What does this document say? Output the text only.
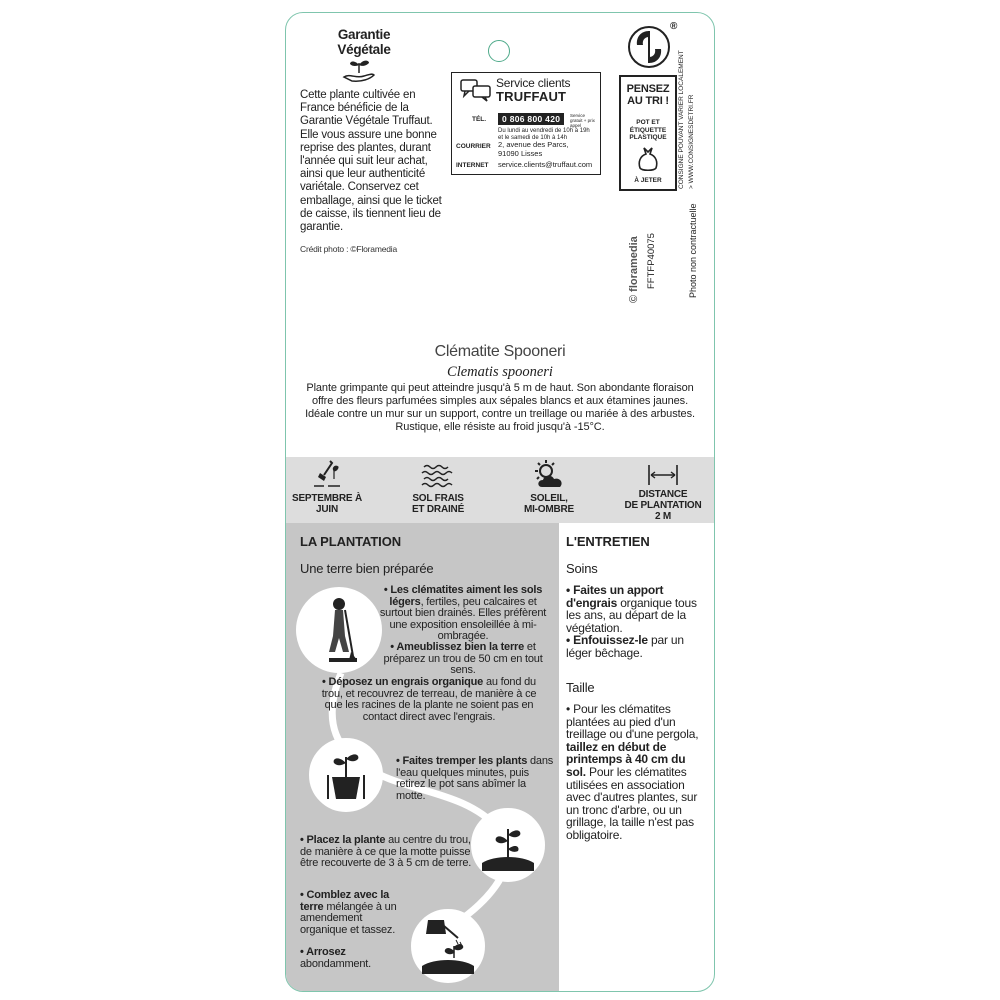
Garantie
Végétale
Cette plante cultivée en France bénéficie de la Garantie Végétale Truffaut. Elle vous assure une bonne reprise des plantes, durant l'année qui suit leur achat, ainsi que leur authenticité variétale. Conservez cet emballage, ainsi que le ticket de caisse, ils tiennent lieu de garantie.
Crédit photo : ©Floramedia
Service clients
TRUFFAUT
TÉL.	0 806 800 420	Service gratuit + prix appel
Du lundi au vendredi de 10h à 19h
et le samedi de 10h à 14h
COURRIER 2, avenue des Parcs,
91090 Lisses
INTERNET service.clients@truffaut.com
®
PENSEZ
AU TRI !
POT ET
ÉTIQUETTE
PLASTIQUE
À JETER	CONSIGNE POUVANT VARIER LOCALEMENT > WWW.CONSIGNESDETRI.FR
© floramedia FFTFP40075	Photo non contractuelle
Clématite Spooneri
Clematis spooneri
Plante grimpante qui peut atteindre jusqu'à 5 m de haut. Son abondante floraison offre des fleurs parfumées simples aux sépales blancs et aux étamines jaunes. Idéale contre un mur sur un support, contre un treillage ou mariée à des arbustes. Rustique, elle résiste au froid jusqu'à -15°C.
SEPTEMBRE À
JUIN
SOL FRAIS
ET DRAINÉ
SOLEIL,
MI-OMBRE
DISTANCE
DE PLANTATION
2 M
LA PLANTATION
Une terre bien préparée
• Les clématites aiment les sols légers, fertiles, peu calcaires et surtout bien drainés. Elles préfèrent une exposition ensoleillée à mi-ombragée.
• Ameublissez bien la terre et préparez un trou de 50 cm en tout sens.
• Déposez un engrais organique au fond du trou, et recouvrez de terreau, de manière à ce que les racines de la plante ne soient pas en contact direct avec l'engrais.
• Faites tremper les plants dans l'eau quelques minutes, puis retirez le pot sans abîmer la motte.
• Placez la plante au centre du trou, de manière à ce que la motte puisse être recouverte de 3 à 5 cm de terre.
• Comblez avec la terre mélangée à un amendement organique et tassez.
• Arrosez abondamment.
L'ENTRETIEN
Soins
• Faites un apport d'engrais organique tous les ans, au départ de la végétation.
• Enfouissez-le par un léger bêchage.
Taille
• Pour les clématites plantées au pied d'un treillage ou d'une pergola, taillez en début de printemps à 40 cm du sol. Pour les clématites utilisées en association avec d'autres plantes, sur un tronc d'arbre, ou un grillage, la taille n'est pas obligatoire.
